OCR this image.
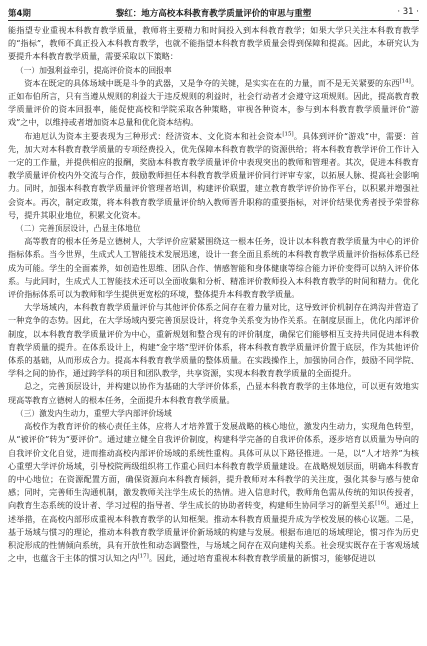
第4期	黎红：地方高校本科教育教学质量评价的审思与重塑	· 31 ·

能指望专业重视本科教育教学质量，教师将主要精力和时间投入到本科教育教学；如果大学只关注本科教育教学的“指标”，教师不真正投入本科教育教学，也就不能指望本科教育教学质量会得到保障和提高。因此，本研究认为要提升本科教育教学质量，需要采取以下策略：

（一）加强利益牵引，提高评价资本的回报率

资本在既定的具体场域中既是斗争的武器，又是争夺的关键，是实实在在的力量，而不是无关紧要的东西[14]。正如布伯所言，只有当遵从规则的利益大于违反规则的利益时，社会行动者才会遵守这项规则。因此，提高教育教学质量评价的资本回报率，能促使高校和学院采取各种策略，审视各种资本，参与到本科教育教学质量评价“游戏”之中，以维持或者增加资本总量和优化资本结构。

布迪厄认为资本主要表现为三种形式：经济资本、文化资本和社会资本[15]。具体到评价“游戏”中，需要：首先，加大对本科教育教学质量的专项经费投入，优先保障本科教育教学的资源供给；将本科教育教学评价工作计入一定的工作量，并提供相应的报酬，奖励本科教育教学质量评价中表现突出的教师和管理者。其次，促进本科教育教学质量评价校内外交流与合作，鼓励教师担任本科教育教学质量评价同行评审专家，以拓展人脉、提高社会影响力。同时，加强本科教育教学质量评价管理者培训，构建评价联盟，建立教育教学评价协作平台，以积累并增强社会资本。再次，制定政策，将本科教育教学质量评价纳入教师晋升职称的重要指标，对评价结果优秀者授予荣誉称号，提升其职业地位，积累文化资本。

（二）完善顶层设计，凸显主体地位

高等教育的根本任务是立德树人，大学评价应紧紧围绕这一根本任务，设计以本科教育教学质量为中心的评价指标体系。当今世界，生成式人工智能技术发展迅速，设计一套全面且系统的本科教育教学质量评价指标体系已经成为可能。学生的全面素养，如创造性思维、团队合作、情感智能和身体健康等综合能力评价变得可以纳入评价体系。与此同时，生成式人工智能技术还可以全面收集和分析、精准评价教师投入本科教育教学的时间和精力。优化评价指标体系可以为教师和学生提供更宽松的环境，整体提升本科教育教学质量。

大学场域内，本科教育教学质量评价与其他评价体系之间存在着力量对比，这导致评价机制存在鸿沟并营造了一种竞争的态势。因此，在大学场域内要完善顶层设计，将竞争关系变为协作关系。在制度层面上，优化内部评价制度，以本科教育教学质量评价为中心，重新规划和整合现有的评价制度，确保它们能够相互支持共同促进本科教育教学质量的提升。在体系设计上，构建“金字塔”型评价体系，将本科教育教学质量评价置于底层，作为其他评价体系的基础，从而形成合力。提高本科教育教学质量的整体质量。在实践操作上，加强协同合作，鼓励不同学院、学科之间的协作，通过跨学科的项目和团队教学，共享资源，实现本科教育教学质量的全面提升。

总之，完善顶层设计，并构建以协作为基础的大学评价体系，凸显本科教育教学的主体地位，可以更有效地实现高等教育立德树人的根本任务，全面提升本科教育教学质量。

（三）激发内生动力，重塑大学内部评价场域

高校作为教育评价的核心责任主体，应将人才培养置于发展战略的核心地位，激发内生动力，实现角色转型，从“被评价”转为“要评价”。通过建立健全自我评价制度，构建科学完备的自我评价体系，逐步培育以质量为导向的自我评价文化自觉，进而推动高校内部评价场域的系统性重构。具体可从以下路径推进。一是，以“人才培养”为核心重塑大学评价场域，引导校院两级组织将工作重心回归本科教育教学质量建设。在战略规划层面，明确本科教育的中心地位；在资源配置方面，确保资源向本科教育倾斜，提升教师对本科教学的关注度，强化其参与感与使命感；同时，完善师生沟通机制，激发教师关注学生成长的热情。进入信息时代，教师角色需从传统的知识传授者，向教育生态系统的设计者、学习过程的指导者、学生成长的协助者转变，构建师生协同学习的新型关系[16]。通过上述举措，在高校内部形成重视本科教育教学的认知框架。推动本科教育质量提升成为学校发展的核心议题。二是，基于场域与惯习的理论，推动本科教育教学质量评价新场域的构建与发展。根据布迪厄的场域理论，惯习作为历史积淀形成的性情倾向系统，具有开放性和动态调整性，与场域之间存在双向建构关系。社会现实既存在于客观场域之中，也蕴含于主体的惯习认知之内[17]。因此，通过培育重视本科教育教学质量的新惯习，能够促进以
